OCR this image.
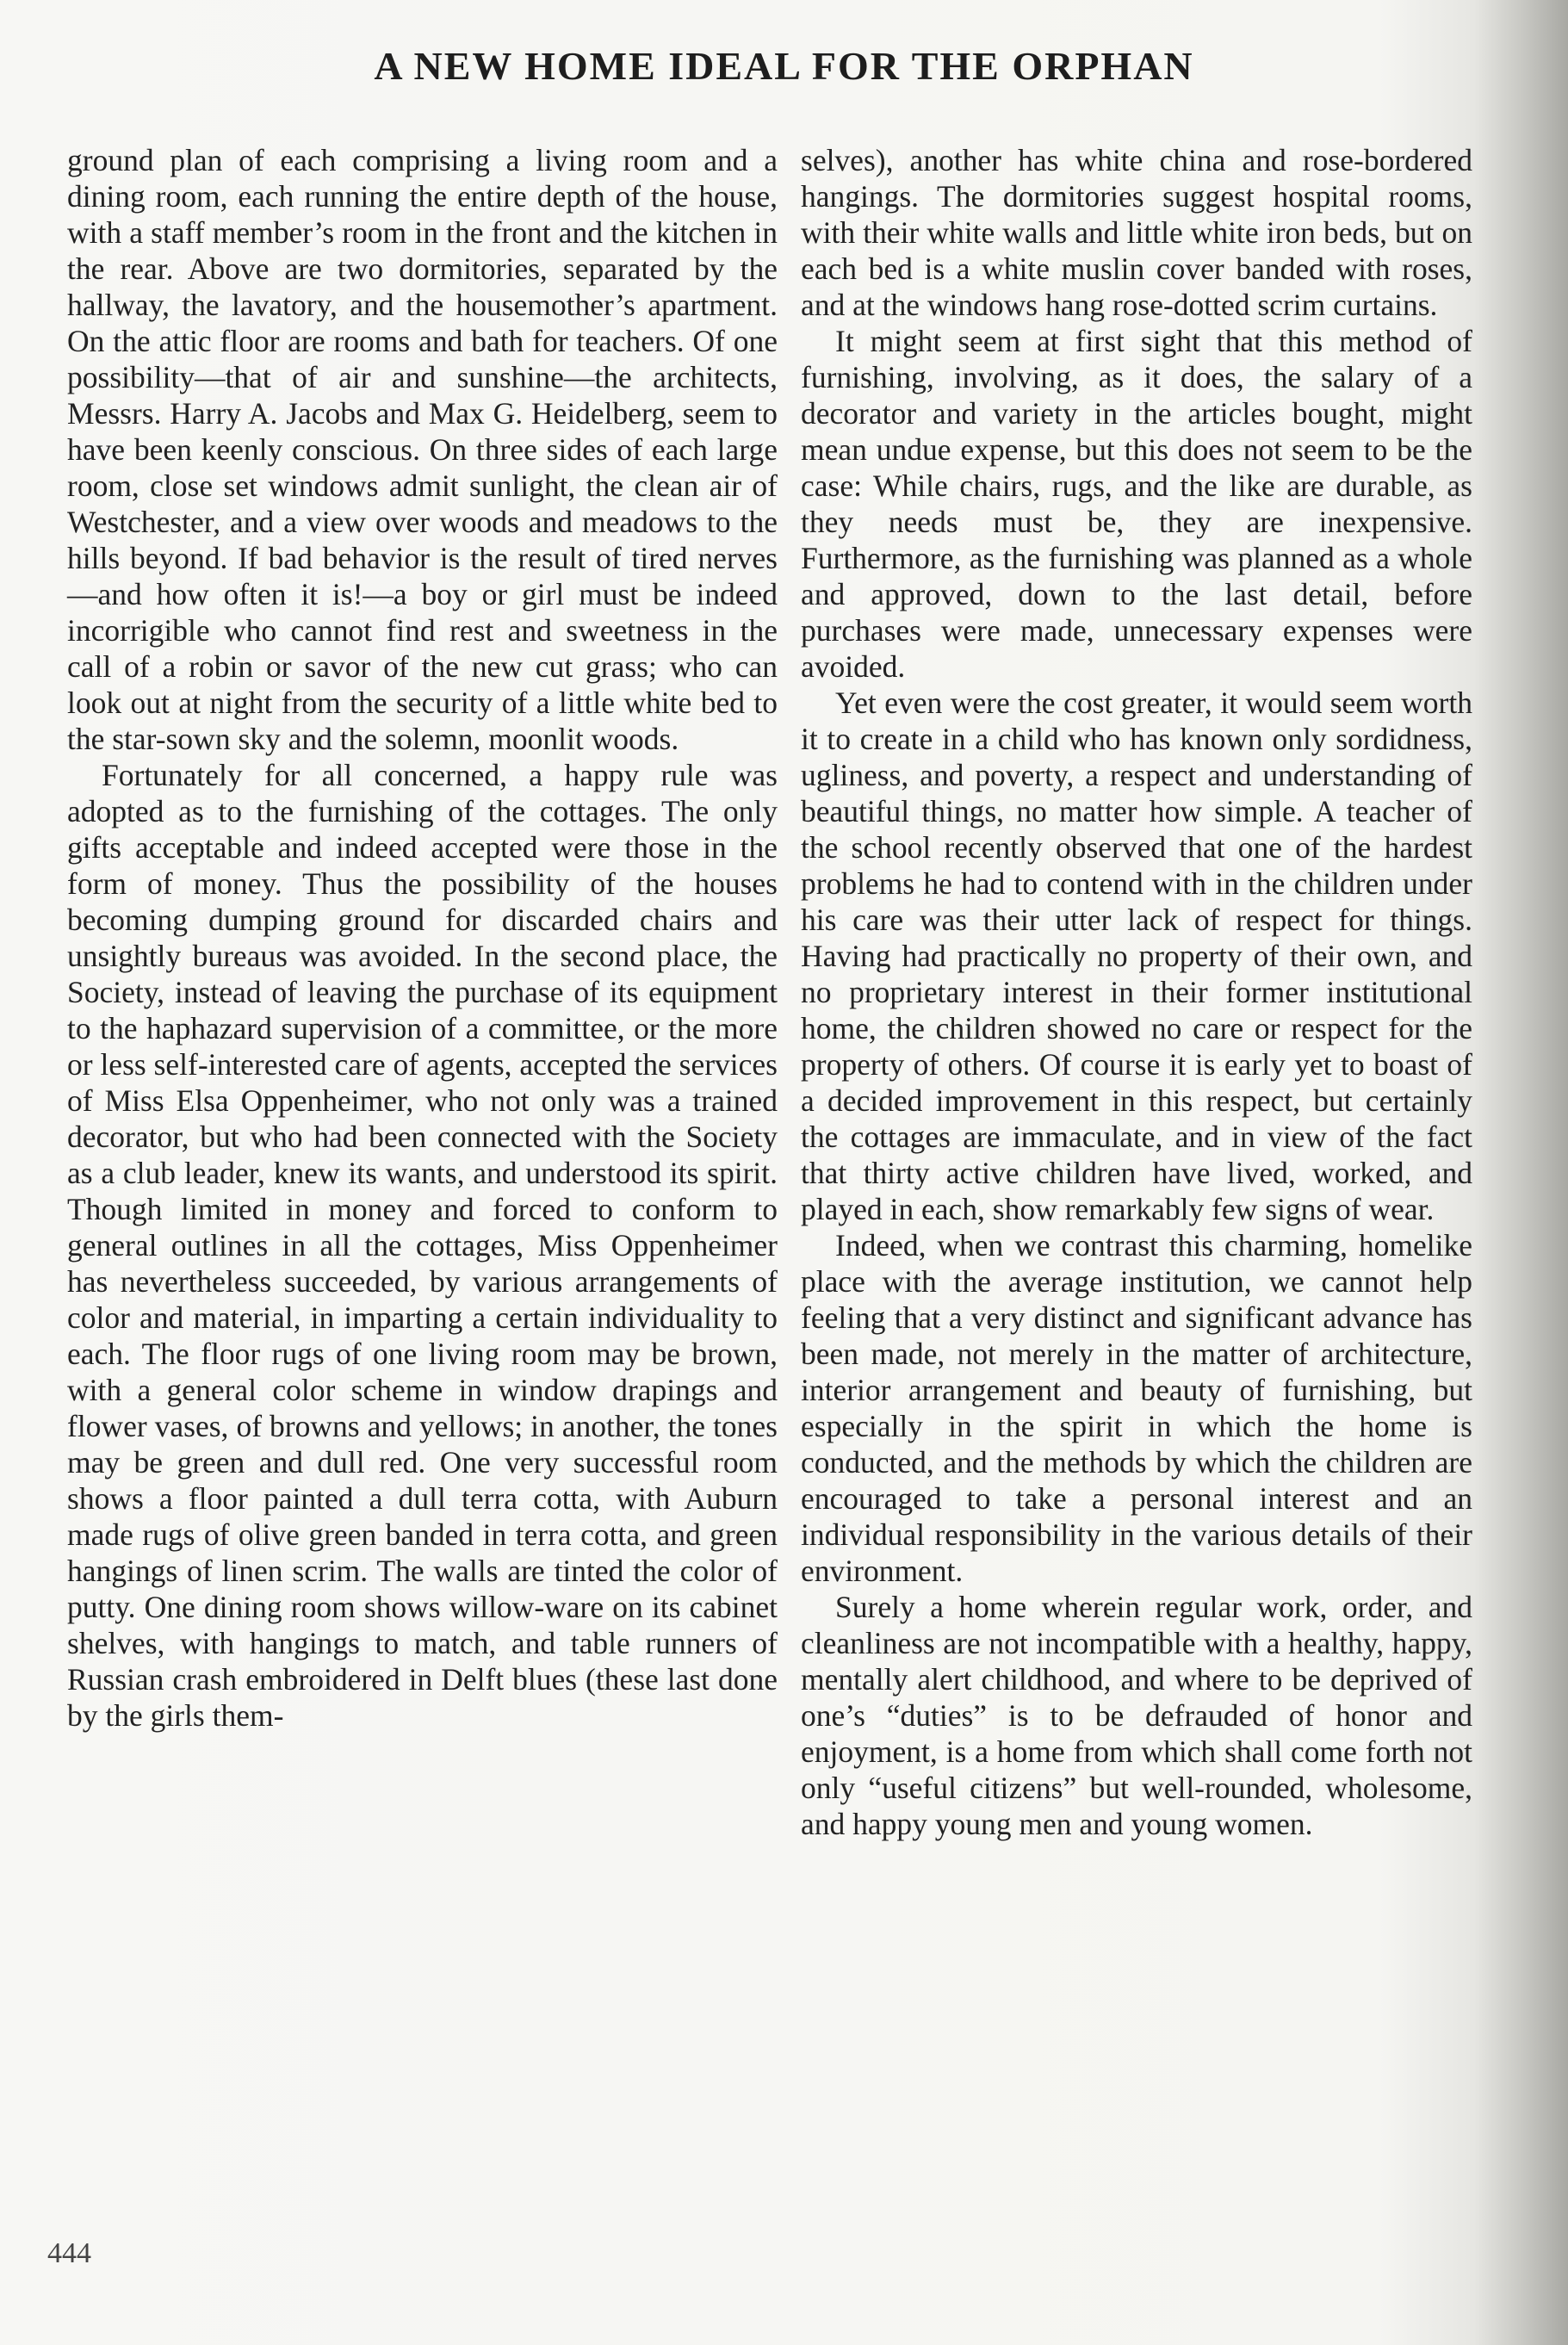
A NEW HOME IDEAL FOR THE ORPHAN

ground plan of each comprising a living room and a dining room, each running the entire depth of the house, with a staff member’s room in the front and the kitchen in the rear. Above are two dormitories, separated by the hallway, the lavatory, and the housemother’s apartment. On the attic floor are rooms and bath for teachers. Of one possibility—that of air and sunshine—the architects, Messrs. Harry A. Jacobs and Max G. Heidelberg, seem to have been keenly conscious. On three sides of each large room, close set windows admit sunlight, the clean air of Westchester, and a view over woods and meadows to the hills beyond. If bad behavior is the result of tired nerves—and how often it is!—a boy or girl must be indeed incorrigible who cannot find rest and sweetness in the call of a robin or savor of the new cut grass; who can look out at night from the security of a little white bed to the star-sown sky and the solemn, moonlit woods.

Fortunately for all concerned, a happy rule was adopted as to the furnishing of the cottages. The only gifts acceptable and indeed accepted were those in the form of money. Thus the possibility of the houses becoming dumping ground for discarded chairs and unsightly bureaus was avoided. In the second place, the Society, instead of leaving the purchase of its equipment to the haphazard supervision of a committee, or the more or less self-interested care of agents, accepted the services of Miss Elsa Oppenheimer, who not only was a trained decorator, but who had been connected with the Society as a club leader, knew its wants, and understood its spirit. Though limited in money and forced to conform to general outlines in all the cottages, Miss Oppenheimer has nevertheless succeeded, by various arrangements of color and material, in imparting a certain individuality to each. The floor rugs of one living room may be brown, with a general color scheme in window drapings and flower vases, of browns and yellows; in another, the tones may be green and dull red. One very successful room shows a floor painted a dull terra cotta, with Auburn made rugs of olive green banded in terra cotta, and green hangings of linen scrim. The walls are tinted the color of putty. One dining room shows willow-ware on its cabinet shelves, with hangings to match, and table runners of Russian crash embroidered in Delft blues (these last done by the girls them-

selves), another has white china and rose-bordered hangings. The dormitories suggest hospital rooms, with their white walls and little white iron beds, but on each bed is a white muslin cover banded with roses, and at the windows hang rose-dotted scrim curtains.

It might seem at first sight that this method of furnishing, involving, as it does, the salary of a decorator and variety in the articles bought, might mean undue expense, but this does not seem to be the case: While chairs, rugs, and the like are durable, as they needs must be, they are inexpensive. Furthermore, as the furnishing was planned as a whole and approved, down to the last detail, before purchases were made, unnecessary expenses were avoided.

Yet even were the cost greater, it would seem worth it to create in a child who has known only sordidness, ugliness, and poverty, a respect and understanding of beautiful things, no matter how simple. A teacher of the school recently observed that one of the hardest problems he had to contend with in the children under his care was their utter lack of respect for things. Having had practically no property of their own, and no proprietary interest in their former institutional home, the children showed no care or respect for the property of others. Of course it is early yet to boast of a decided improvement in this respect, but certainly the cottages are immaculate, and in view of the fact that thirty active children have lived, worked, and played in each, show remarkably few signs of wear.

Indeed, when we contrast this charming, homelike place with the average institution, we cannot help feeling that a very distinct and significant advance has been made, not merely in the matter of architecture, interior arrangement and beauty of furnishing, but especially in the spirit in which the home is conducted, and the methods by which the children are encouraged to take a personal interest and an individual responsibility in the various details of their environment.

Surely a home wherein regular work, order, and cleanliness are not incompatible with a healthy, happy, mentally alert childhood, and where to be deprived of one’s “duties” is to be defrauded of honor and enjoyment, is a home from which shall come forth not only “useful citizens” but well-rounded, wholesome, and happy young men and young women.

444
